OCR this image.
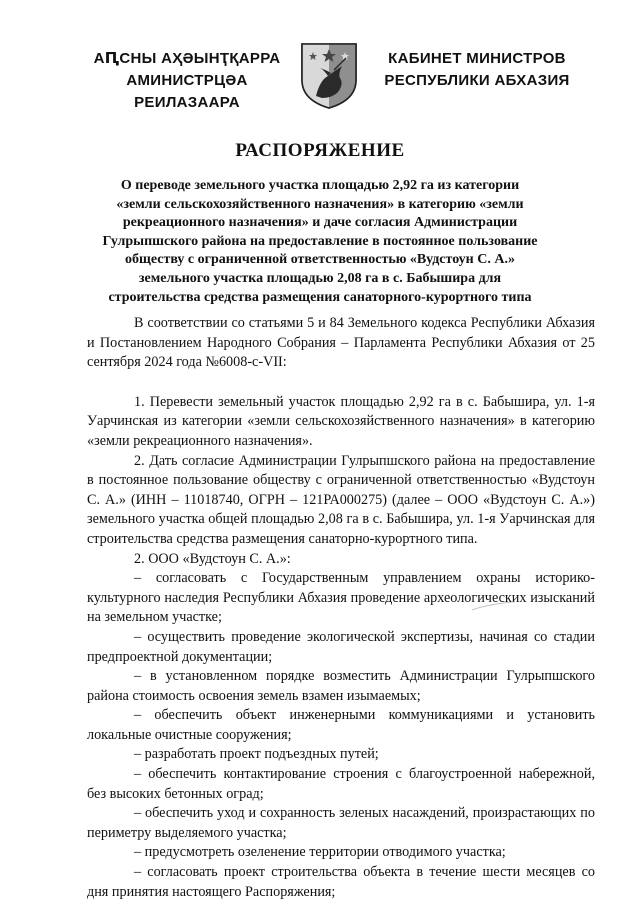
АԤСНЫ АҲӘЫНҬҚАРРА
АМИНИСТРЦӘА РЕИЛАЗААРА
КАБИНЕТ МИНИСТРОВ
РЕСПУБЛИКИ АБХАЗИЯ
РАСПОРЯЖЕНИЕ
О переводе земельного участка площадью 2,92 га из категории «земли сельскохозяйственного назначения» в категорию «земли рекреационного назначения» и даче согласия Администрации Гулрыпшского района на предоставление в постоянное пользование обществу с ограниченной ответственностью «Вудстоун С. А.» земельного участка площадью 2,08 га в с. Бабышира для строительства средства размещения санаторного-курортного типа

В соответствии со статьями 5 и 84 Земельного кодекса Республики Абхазия и Постановлением Народного Собрания – Парламента Республики Абхазия от 25 сентября 2024 года №6008-с-VII:

1. Перевести земельный участок площадью 2,92 га в с. Бабышира, ул. 1-я Уарчинская из категории «земли сельскохозяйственного назначения» в категорию «земли рекреационного назначения».

2. Дать согласие Администрации Гулрыпшского района на предоставление в постоянное пользование обществу с ограниченной ответственностью «Вудстоун С. А.» (ИНН – 11018740, ОГРН – 121РА000275) (далее – ООО «Вудстоун С. А.») земельного участка общей площадью 2,08 га в с. Бабышира, ул. 1-я Уарчинская для строительства средства размещения санаторно-курортного типа.

2. ООО «Вудстоун С. А.»:

– согласовать с Государственным управлением охраны историко-культурного наследия Республики Абхазия проведение археологических изысканий на земельном участке;

– осуществить проведение экологической экспертизы, начиная со стадии предпроектной документации;

– в установленном порядке возместить Администрации Гулрыпшского района стоимость освоения земель взамен изымаемых;

– обеспечить объект инженерными коммуникациями и установить локальные очистные сооружения;

– разработать проект подъездных путей;

– обеспечить контактирование строения с благоустроенной набережной, без высоких бетонных оград;

– обеспечить уход и сохранность зеленых насаждений, произрастающих по периметру выделяемого участка;

– предусмотреть озеленение территории отводимого участка;

– согласовать проект строительства объекта в течение шести месяцев со дня принятия настоящего Распоряжения;
